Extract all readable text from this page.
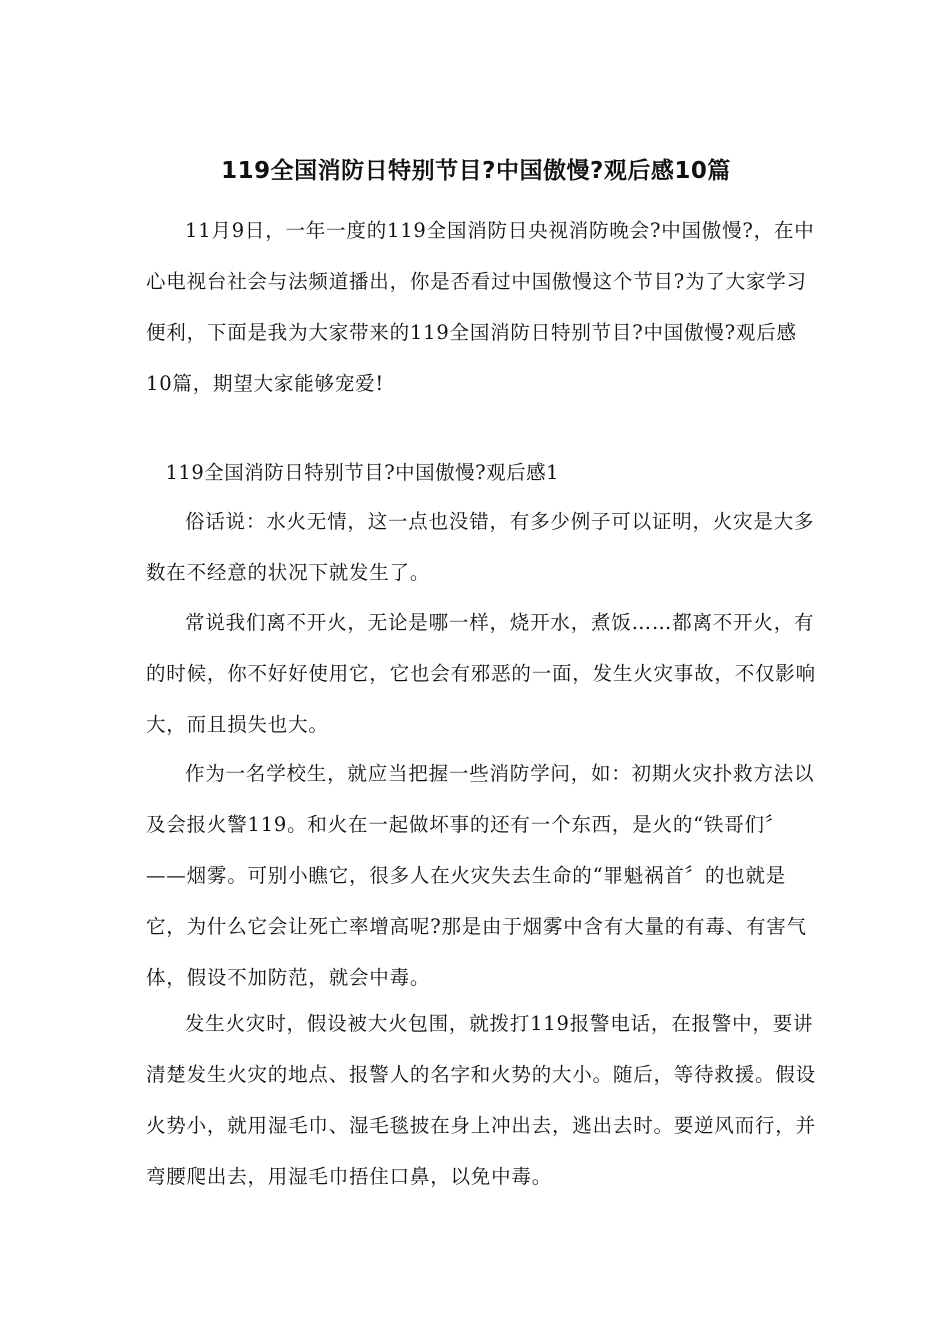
119全国消防日特别节目?中国傲慢?观后感10篇

11月9日，一年一度的119全国消防日央视消防晚会?中国傲慢?，在中心电视台社会与法频道播出，你是否看过中国傲慢这个节目?为了大家学习便利，下面是我为大家带来的119全国消防日特别节目?中国傲慢?观后感10篇，期望大家能够宠爱!

119全国消防日特别节目?中国傲慢?观后感1

俗话说：水火无情，这一点也没错，有多少例子可以证明，火灾是大多数在不经意的状况下就发生了。

常说我们离不开火，无论是哪一样，烧开水，煮饭……都离不开火，有的时候，你不好好使用它，它也会有邪恶的一面，发生火灾事故，不仅影响大，而且损失也大。

作为一名学校生，就应当把握一些消防学问，如：初期火灾扑救方法以及会报火警119。和火在一起做坏事的还有一个东西，是火的“铁哥们〞——烟雾。可别小瞧它，很多人在火灾失去生命的“罪魁祸首〞的也就是它，为什么它会让死亡率增高呢?那是由于烟雾中含有大量的有毒、有害气体，假设不加防范，就会中毒。

发生火灾时，假设被大火包围，就拨打119报警电话，在报警中，要讲清楚发生火灾的地点、报警人的名字和火势的大小。随后，等待救援。假设火势小，就用湿毛巾、湿毛毯披在身上冲出去，逃出去时。要逆风而行，并弯腰爬出去，用湿毛巾捂住口鼻，以免中毒。
